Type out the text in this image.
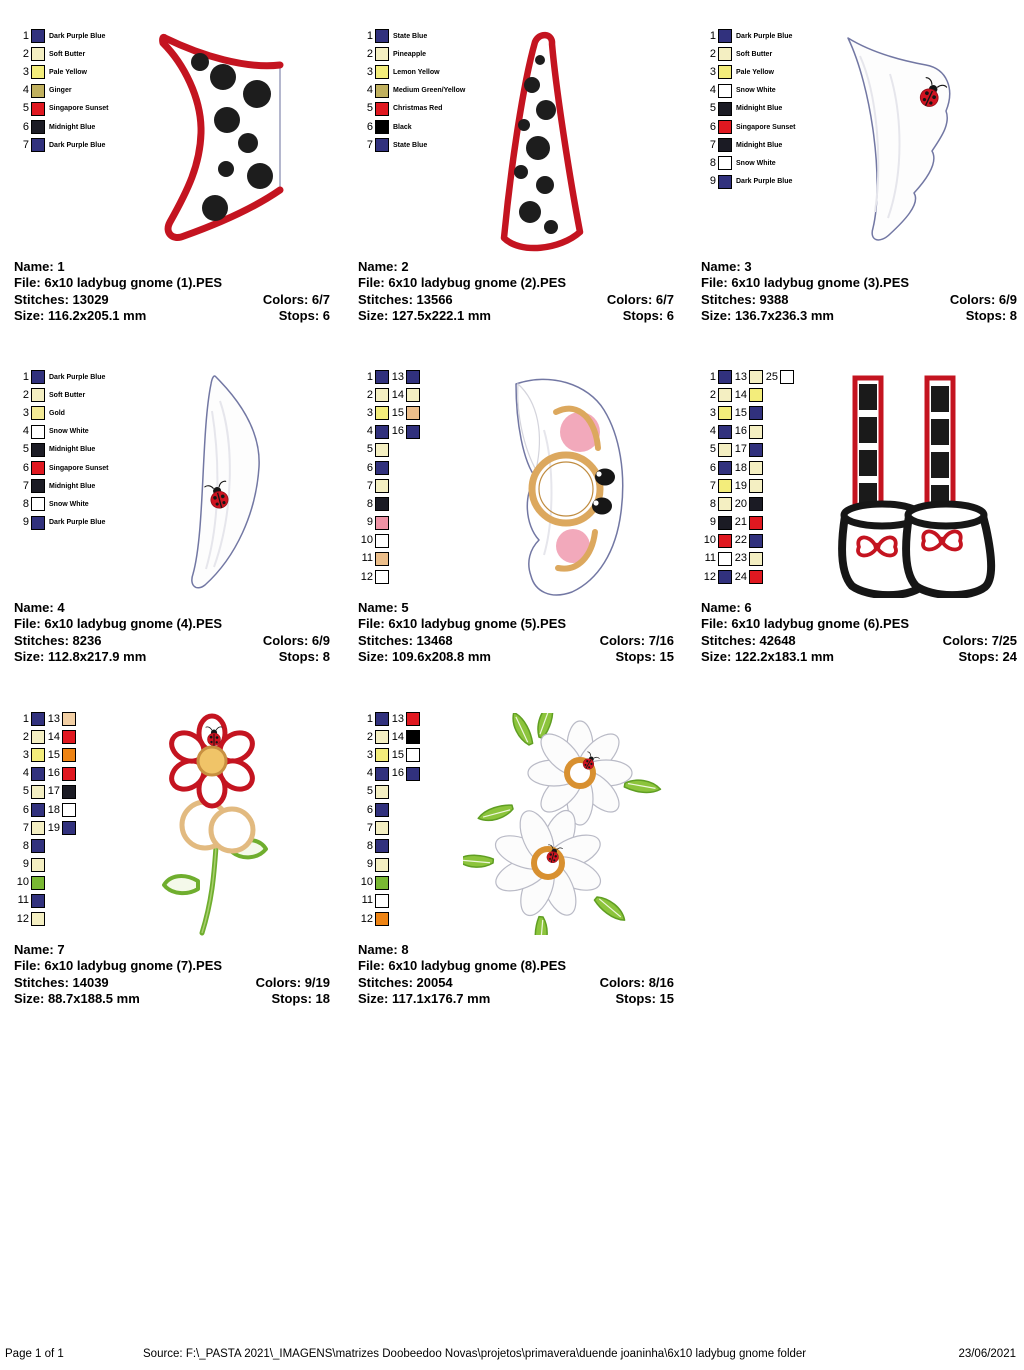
1	Dark Purple Blue
2	Soft Butter
3	Pale Yellow
4	Ginger
5	Singapore Sunset
6	Midnight Blue
7	Dark Purple Blue
Name: 1
File: 6x10 ladybug gnome (1).PES
Stitches: 13029	Colors: 6/7
Size: 116.2x205.1 mm	Stops: 6
1	State Blue
2	Pineapple
3	Lemon Yellow
4	Medium Green/Yellow
5	Christmas Red
6	Black
7	State Blue
Name: 2
File: 6x10 ladybug gnome (2).PES
Stitches: 13566	Colors: 6/7
Size: 127.5x222.1 mm	Stops: 6
1	Dark Purple Blue
2	Soft Butter
3	Pale Yellow
4	Snow White
5	Midnight Blue
6	Singapore Sunset
7	Midnight Blue
8	Snow White
9	Dark Purple Blue
Name: 3
File: 6x10 ladybug gnome (3).PES
Stitches: 9388	Colors: 6/9
Size: 136.7x236.3 mm	Stops: 8
1	Dark Purple Blue
2	Soft Butter
3	Gold
4	Snow White
5	Midnight Blue
6	Singapore Sunset
7	Midnight Blue
8	Snow White
9	Dark Purple Blue
Name: 4
File: 6x10 ladybug gnome (4).PES
Stitches: 8236	Colors: 6/9
Size: 112.8x217.9 mm	Stops: 8
1
2
3
4
5
6
7
8
9
10
11
12
13
14
15
16
Name: 5
File: 6x10 ladybug gnome (5).PES
Stitches: 13468	Colors: 7/16
Size: 109.6x208.8 mm	Stops: 15
1
2
3
4
5
6
7
8
9
10
11
12
13
14
15
16
17
18
19
20
21
22
23
24
25
Name: 6
File: 6x10 ladybug gnome (6).PES
Stitches: 42648	Colors: 7/25
Size: 122.2x183.1 mm	Stops: 24
1
2
3
4
5
6
7
8
9
10
11
12
13
14
15
16
17
18
19
Name: 7
File: 6x10 ladybug gnome (7).PES
Stitches: 14039	Colors: 9/19
Size: 88.7x188.5 mm	Stops: 18
1
2
3
4
5
6
7
8
9
10
11
12
13
14
15
16
Name: 8
File: 6x10 ladybug gnome (8).PES
Stitches: 20054	Colors: 8/16
Size: 117.1x176.7 mm	Stops: 15
Page 1 of 1	Source: F:\_PASTA 2021\_IMAGENS\matrizes Doobeedoo Novas\projetos\primavera\duende joaninha\6x10 ladybug gnome folder	23/06/2021
